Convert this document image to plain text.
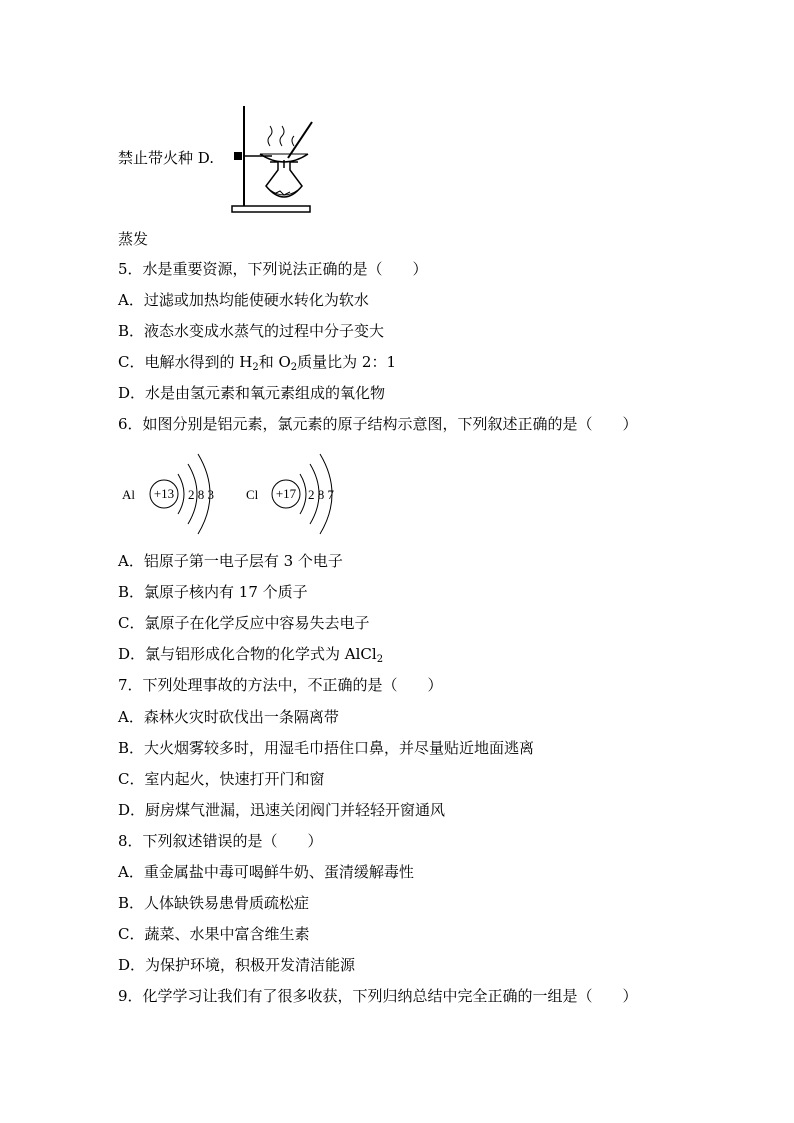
禁止带火种 D.
蒸发
5．水是重要资源，下列说法正确的是（　　）
A．过滤或加热均能使硬水转化为软水
B．液态水变成水蒸气的过程中分子变大
C．电解水得到的 $H_2$和 $O_2$质量比为 2：1
D．水是由氢元素和氧元素组成的氧化物
6．如图分别是铝元素，氯元素的原子结构示意图，下列叙述正确的是（　　）
Al +13 2 8 3 Cl +17 2 8 7
A．铝原子第一电子层有 3 个电子
B．氯原子核内有 17 个质子
C．氯原子在化学反应中容易失去电子
D．氯与铝形成化合物的化学式为 AlCl$_2$
7．下列处理事故的方法中，不正确的是（　　）
A．森林火灾时砍伐出一条隔离带
B．大火烟雾较多时，用湿毛巾捂住口鼻，并尽量贴近地面逃离
C．室内起火，快速打开门和窗
D．厨房煤气泄漏，迅速关闭阀门并轻轻开窗通风
8．下列叙述错误的是（　　）
A．重金属盐中毒可喝鲜牛奶、蛋清缓解毒性
B．人体缺铁易患骨质疏松症
C．蔬菜、水果中富含维生素
D．为保护环境，积极开发清洁能源
9．化学学习让我们有了很多收获，下列归纳总结中完全正确的一组是（　　）
